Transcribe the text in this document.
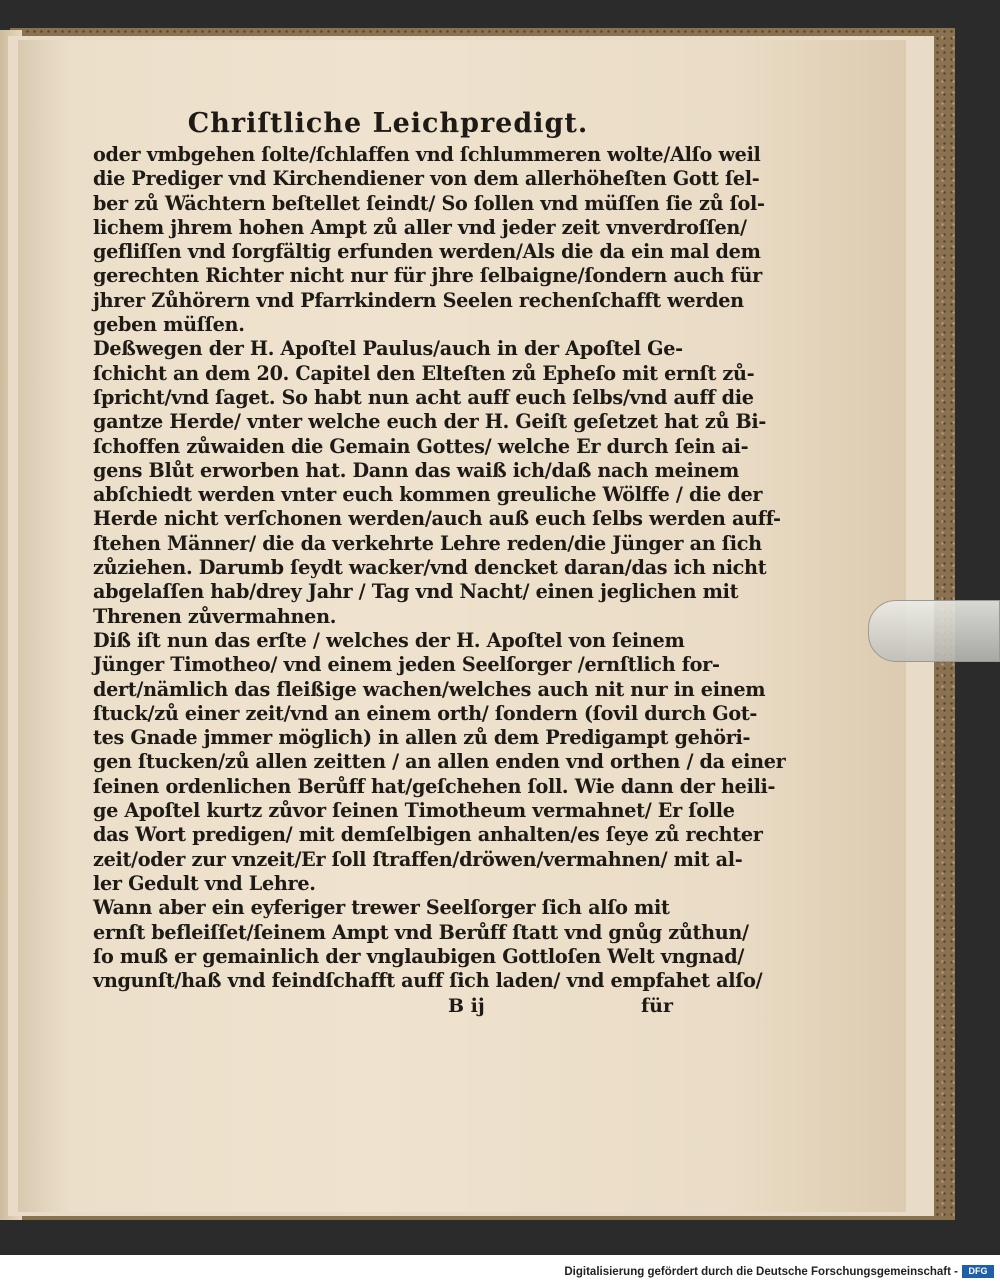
Chriſtliche Leichpredigt.
oder vmbgehen ſolte/ſchlaffen vnd ſchlummeren wolte/Alſo weil
die Prediger vnd Kirchendiener von dem allerhöheſten Gott ſel-
ber zů Wächtern beſtellet ſeindt/ So ſollen vnd müſſen ſie zů ſol-
lichem jhrem hohen Ampt zů aller vnd jeder zeit vnverdroſſen/
gefliſſen vnd ſorgfältig erfunden werden/Als die da ein mal dem
gerechten Richter nicht nur für jhre ſelbaigne/ſondern auch für
jhrer Zůhörern vnd Pfarrkindern Seelen rechenſchafft werden
geben müſſen.
Deßwegen der H. Apoſtel Paulus/auch in der Apoſtel Ge-
ſchicht an dem 20. Capitel den Elteſten zů Epheſo mit ernſt zů-
ſpricht/vnd ſaget. So habt nun acht auff euch ſelbs/vnd auff die
gantze Herde/ vnter welche euch der H. Geiſt geſetzet hat zů Bi-
ſchoffen zůwaiden die Gemain Gottes/ welche Er durch ſein ai-
gens Blůt erworben hat. Dann das waiß ich/daß nach meinem
abſchiedt werden vnter euch kommen greuliche Wölffe / die der
Herde nicht verſchonen werden/auch auß euch ſelbs werden auff-
ſtehen Männer/ die da verkehrte Lehre reden/die Jünger an ſich
zůziehen. Darumb ſeydt wacker/vnd dencket daran/das ich nicht
abgelaſſen hab/drey Jahr / Tag vnd Nacht/ einen jeglichen mit
Threnen zůvermahnen.
Diß iſt nun das erſte / welches der H. Apoſtel von ſeinem
Jünger Timotheo/ vnd einem jeden Seelſorger /ernſtlich for-
dert/nämlich das fleißige wachen/welches auch nit nur in einem
ſtuck/zů einer zeit/vnd an einem orth/ ſondern (ſovil durch Got-
tes Gnade jmmer möglich) in allen zů dem Predigampt gehöri-
gen ſtucken/zů allen zeitten / an allen enden vnd orthen / da einer
ſeinen ordenlichen Berůff hat/geſchehen ſoll. Wie dann der heili-
ge Apoſtel kurtz zůvor ſeinen Timotheum vermahnet/ Er ſolle
das Wort predigen/ mit demſelbigen anhalten/es ſeye zů rechter
zeit/oder zur vnzeit/Er ſoll ſtraffen/dröwen/vermahnen/ mit al-
ler Gedult vnd Lehre.
Wann aber ein eyferiger trewer Seelſorger ſich alſo mit
ernſt befleiſſet/ſeinem Ampt vnd Berůff ſtatt vnd gnůg zůthun/
ſo muß er gemainlich der vnglaubigen Gottloſen Welt vngnad/
vngunſt/haß vnd feindſchafft auff ſich laden/ vnd empfahet alſo/
B ij	für
Digitalisierung gefördert durch die Deutsche Forschungsgemeinschaft -	DFG
